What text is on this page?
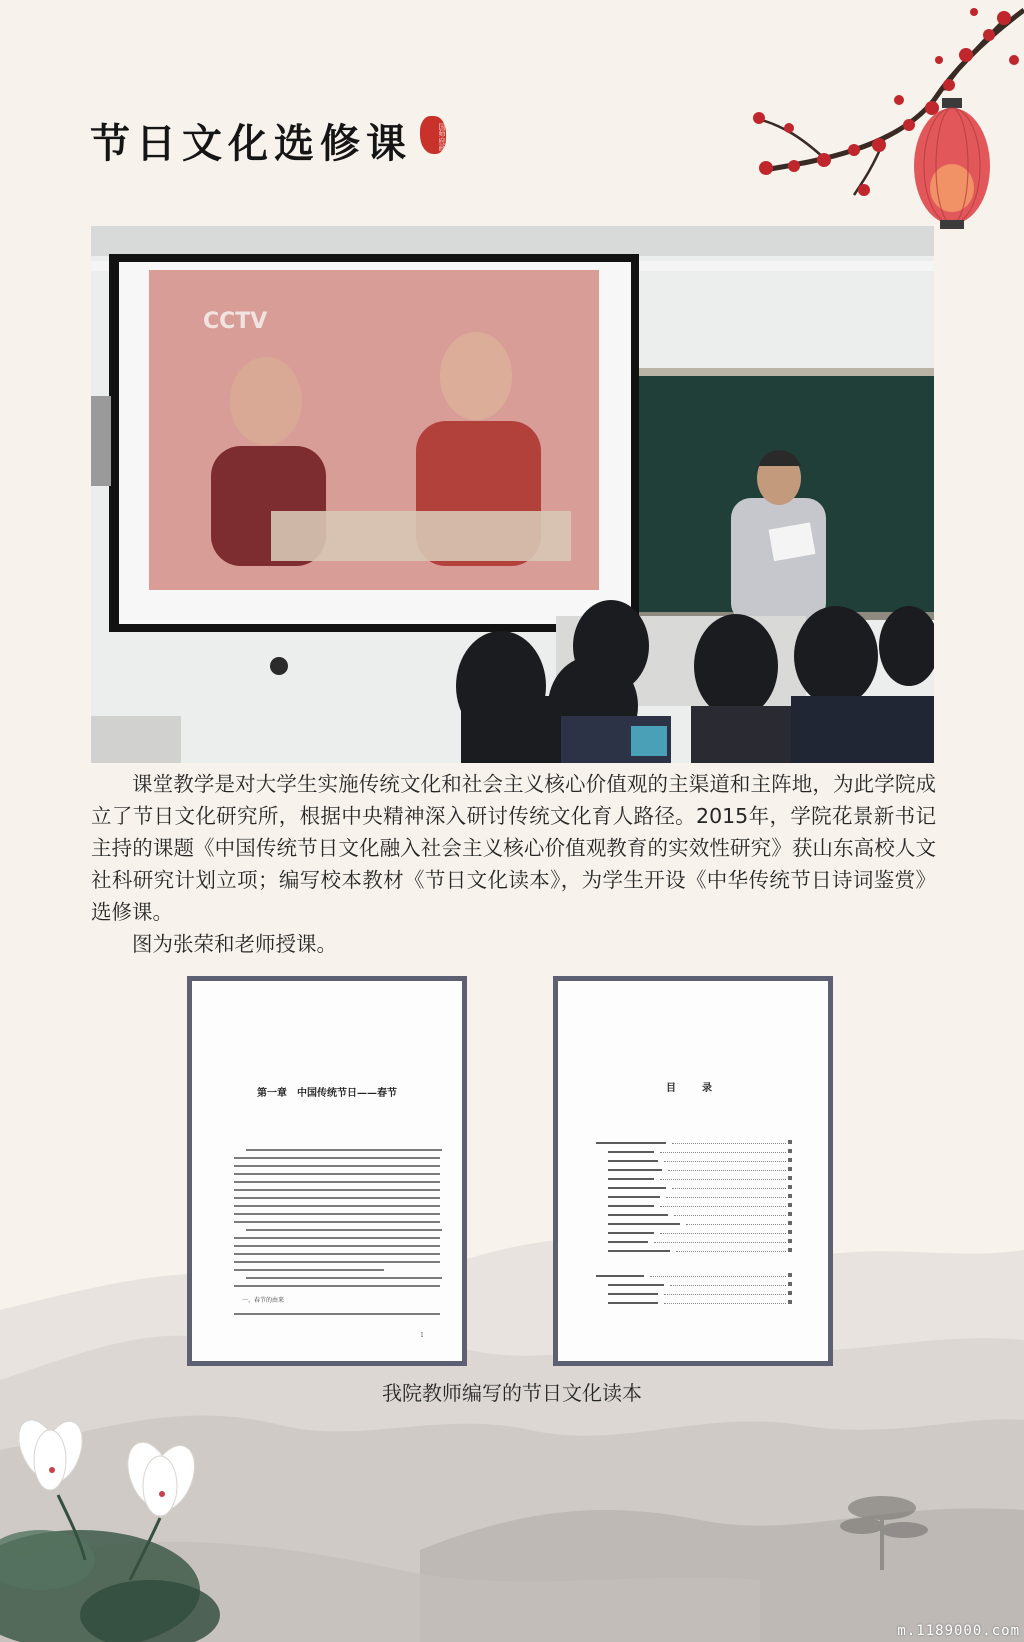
节日文化选修课	国师府画
CCTV

课堂教学是对大学生实施传统文化和社会主义核心价值观的主渠道和主阵地，为此学院成立了节日文化研究所，根据中央精神深入研讨传统文化育人路径。2015年，学院花景新书记主持的课题《中国传统节日文化融入社会主义核心价值观教育的实效性研究》获山东高校人文社科研究计划立项；编写校本教材《节日文化读本》，为学生开设《中华传统节日诗词鉴赏》选修课。

图为张荣和老师授课。

第一章　中国传统节日——春节
一、春节的由来
1
目　录
我院教师编写的节日文化读本
m.1189000.com
